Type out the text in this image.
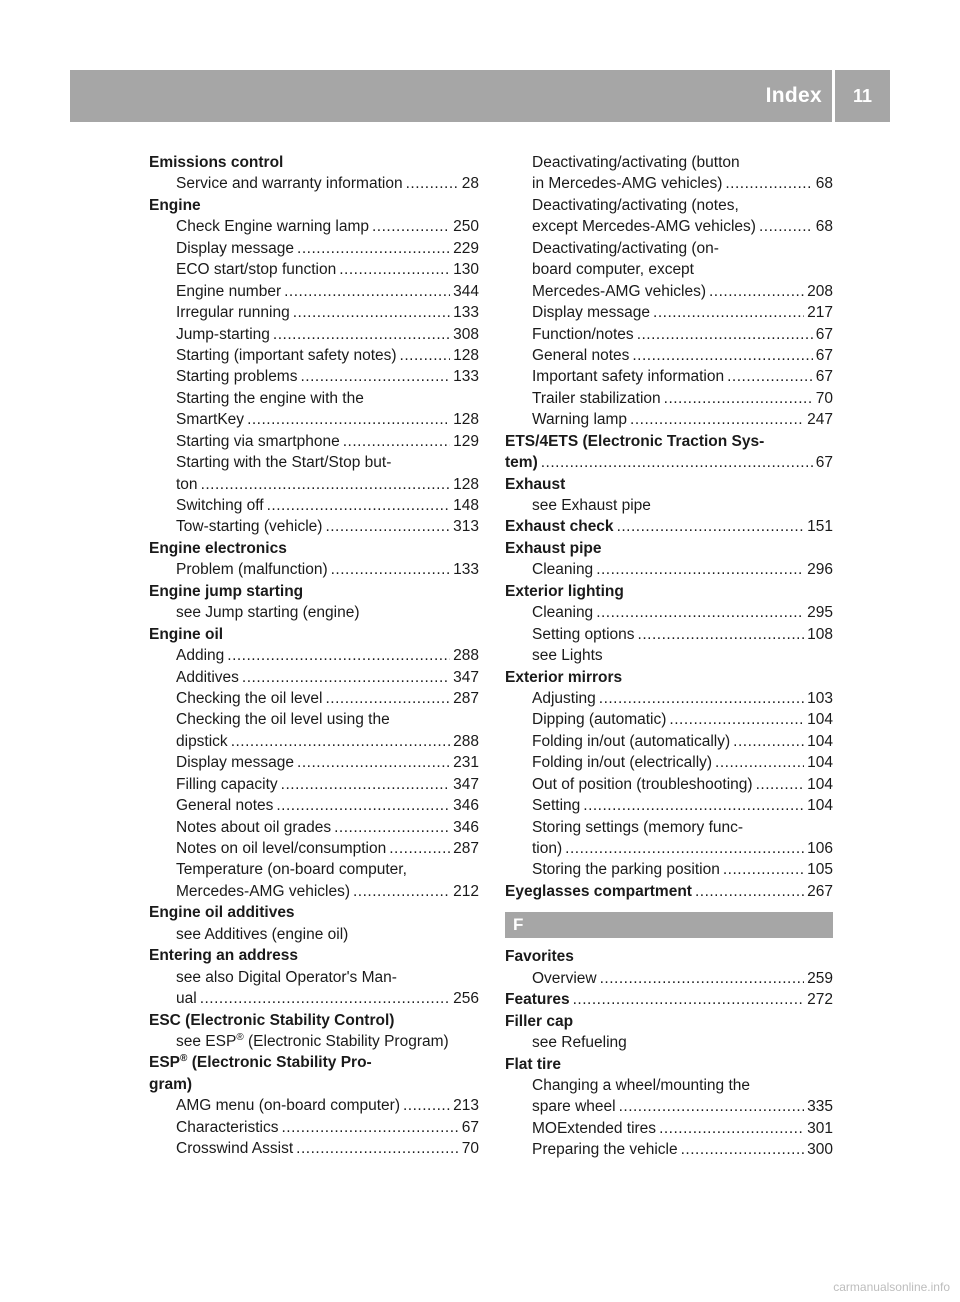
Index	11
Emissions control
Service and warranty information .....	28
Engine
Check Engine warning lamp .....	250
Display message .....	229
ECO start/stop function .....	130
Engine number .....	344
Irregular running .....	133
Jump-starting .....	308
Starting (important safety notes) .....	128
Starting problems .....	133
Starting the engine with the
SmartKey .....	128
Starting via smartphone .....	129
Starting with the Start/Stop but-
ton .....	128
Switching off .....	148
Tow-starting (vehicle) .....	313
Engine electronics
Problem (malfunction) .....	133
Engine jump starting
see Jump starting (engine)
Engine oil
Adding .....	288
Additives .....	347
Checking the oil level .....	287
Checking the oil level using the
dipstick .....	288
Display message .....	231
Filling capacity .....	347
General notes .....	346
Notes about oil grades .....	346
Notes on oil level/consumption .....	287
Temperature (on-board computer,
Mercedes-AMG vehicles) .....	212
Engine oil additives
see Additives (engine oil)
Entering an address
see also Digital Operator's Man-
ual .....	256
ESC (Electronic Stability Control)
see ESP® (Electronic Stability Program)
ESP® (Electronic Stability Pro-
gram)
AMG menu (on-board computer) .....	213
Characteristics .....	67
Crosswind Assist .....	70
Deactivating/activating (button
in Mercedes-AMG vehicles) .....	68
Deactivating/activating (notes,
except Mercedes-AMG vehicles) .....	68
Deactivating/activating (on-
board computer, except
Mercedes-AMG vehicles) .....	208
Display message .....	217
Function/notes .....	67
General notes .....	67
Important safety information .....	67
Trailer stabilization .....	70
Warning lamp .....	247
ETS/4ETS (Electronic Traction Sys-
tem) .....	67
Exhaust
see Exhaust pipe
Exhaust check .....	151
Exhaust pipe
Cleaning .....	296
Exterior lighting
Cleaning .....	295
Setting options .....	108
see Lights
Exterior mirrors
Adjusting .....	103
Dipping (automatic) .....	104
Folding in/out (automatically) .....	104
Folding in/out (electrically) .....	104
Out of position (troubleshooting) .....	104
Setting .....	104
Storing settings (memory func-
tion) .....	106
Storing the parking position .....	105
Eyeglasses compartment .....	267
F
Favorites
Overview .....	259
Features .....	272
Filler cap
see Refueling
Flat tire
Changing a wheel/mounting the
spare wheel .....	335
MOExtended tires .....	301
Preparing the vehicle .....	300
carmanualsonline.info
